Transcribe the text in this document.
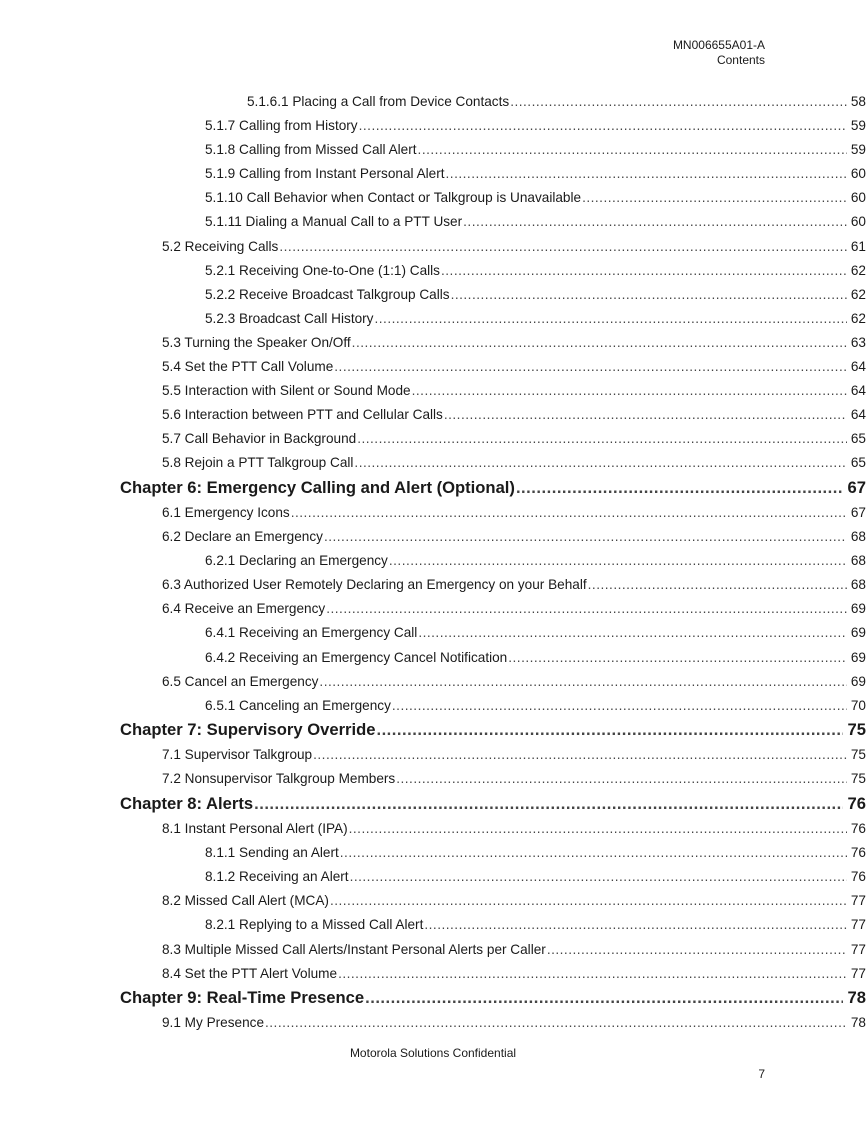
MN006655A01-A
Contents
5.1.6.1 Placing a Call from Device Contacts .....	58
5.1.7 Calling from History .....	59
5.1.8 Calling from Missed Call Alert .....	59
5.1.9 Calling from Instant Personal Alert .....	60
5.1.10 Call Behavior when Contact or Talkgroup is Unavailable .....	60
5.1.11 Dialing a Manual Call to a PTT User .....	60
5.2 Receiving Calls .....	61
5.2.1 Receiving One-to-One (1:1) Calls .....	62
5.2.2 Receive Broadcast Talkgroup Calls .....	62
5.2.3 Broadcast Call History .....	62
5.3 Turning the Speaker On/Off .....	63
5.4 Set the PTT Call Volume .....	64
5.5 Interaction with Silent or Sound Mode .....	64
5.6 Interaction between PTT and Cellular Calls .....	64
5.7 Call Behavior in Background .....	65
5.8 Rejoin a PTT Talkgroup Call .....	65
Chapter 6: Emergency Calling and Alert (Optional) .....	67
6.1 Emergency Icons .....	67
6.2 Declare an Emergency .....	68
6.2.1 Declaring an Emergency .....	68
6.3 Authorized User Remotely Declaring an Emergency on your Behalf .....	68
6.4 Receive an Emergency .....	69
6.4.1 Receiving an Emergency Call .....	69
6.4.2 Receiving an Emergency Cancel Notification .....	69
6.5 Cancel an Emergency .....	69
6.5.1 Canceling an Emergency .....	70
Chapter 7: Supervisory Override .....	75
7.1 Supervisor Talkgroup .....	75
7.2 Nonsupervisor Talkgroup Members .....	75
Chapter 8: Alerts .....	76
8.1 Instant Personal Alert (IPA) .....	76
8.1.1 Sending an Alert .....	76
8.1.2 Receiving an Alert .....	76
8.2 Missed Call Alert (MCA) .....	77
8.2.1 Replying to a Missed Call Alert .....	77
8.3 Multiple Missed Call Alerts/Instant Personal Alerts per Caller .....	77
8.4 Set the PTT Alert Volume .....	77
Chapter 9: Real-Time Presence .....	78
9.1 My Presence .....	78
Motorola Solutions Confidential
7
